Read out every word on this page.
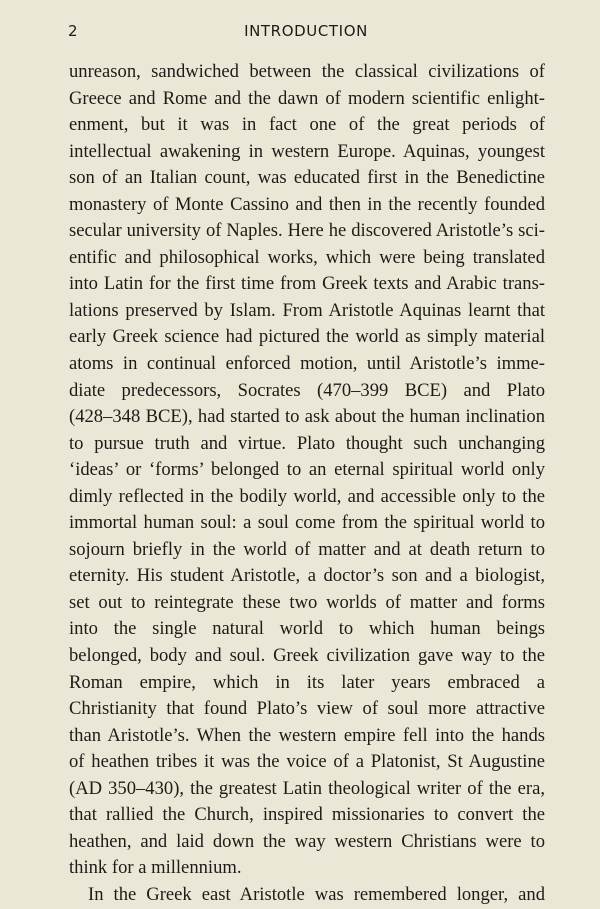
2	INTRODUCTION
unreason, sandwiched between the classical civilizations of
Greece and Rome and the dawn of modern scientific enlight-
enment, but it was in fact one of the great periods of
intellectual awakening in western Europe. Aquinas, youngest
son of an Italian count, was educated first in the Benedictine
monastery of Monte Cassino and then in the recently founded
secular university of Naples. Here he discovered Aristotle’s sci-
entific and philosophical works, which were being translated
into Latin for the first time from Greek texts and Arabic trans-
lations preserved by Islam. From Aristotle Aquinas learnt that
early Greek science had pictured the world as simply material
atoms in continual enforced motion, until Aristotle’s imme-
diate predecessors, Socrates (470–399 BCE) and Plato
(428–348 BCE), had started to ask about the human inclination
to pursue truth and virtue. Plato thought such unchanging
‘ideas’ or ‘forms’ belonged to an eternal spiritual world only
dimly reflected in the bodily world, and accessible only to the
immortal human soul: a soul come from the spiritual world to
sojourn briefly in the world of matter and at death return to
eternity. His student Aristotle, a doctor’s son and a biologist,
set out to reintegrate these two worlds of matter and forms
into the single natural world to which human beings
belonged, body and soul. Greek civilization gave way to the
Roman empire, which in its later years embraced a
Christianity that found Plato’s view of soul more attractive
than Aristotle’s. When the western empire fell into the hands
of heathen tribes it was the voice of a Platonist, St Augustine
(AD 350–430), the greatest Latin theological writer of the era,
that rallied the Church, inspired missionaries to convert the
heathen, and laid down the way western Christians were to
think for a millennium.
In the Greek east Aristotle was remembered longer, and
